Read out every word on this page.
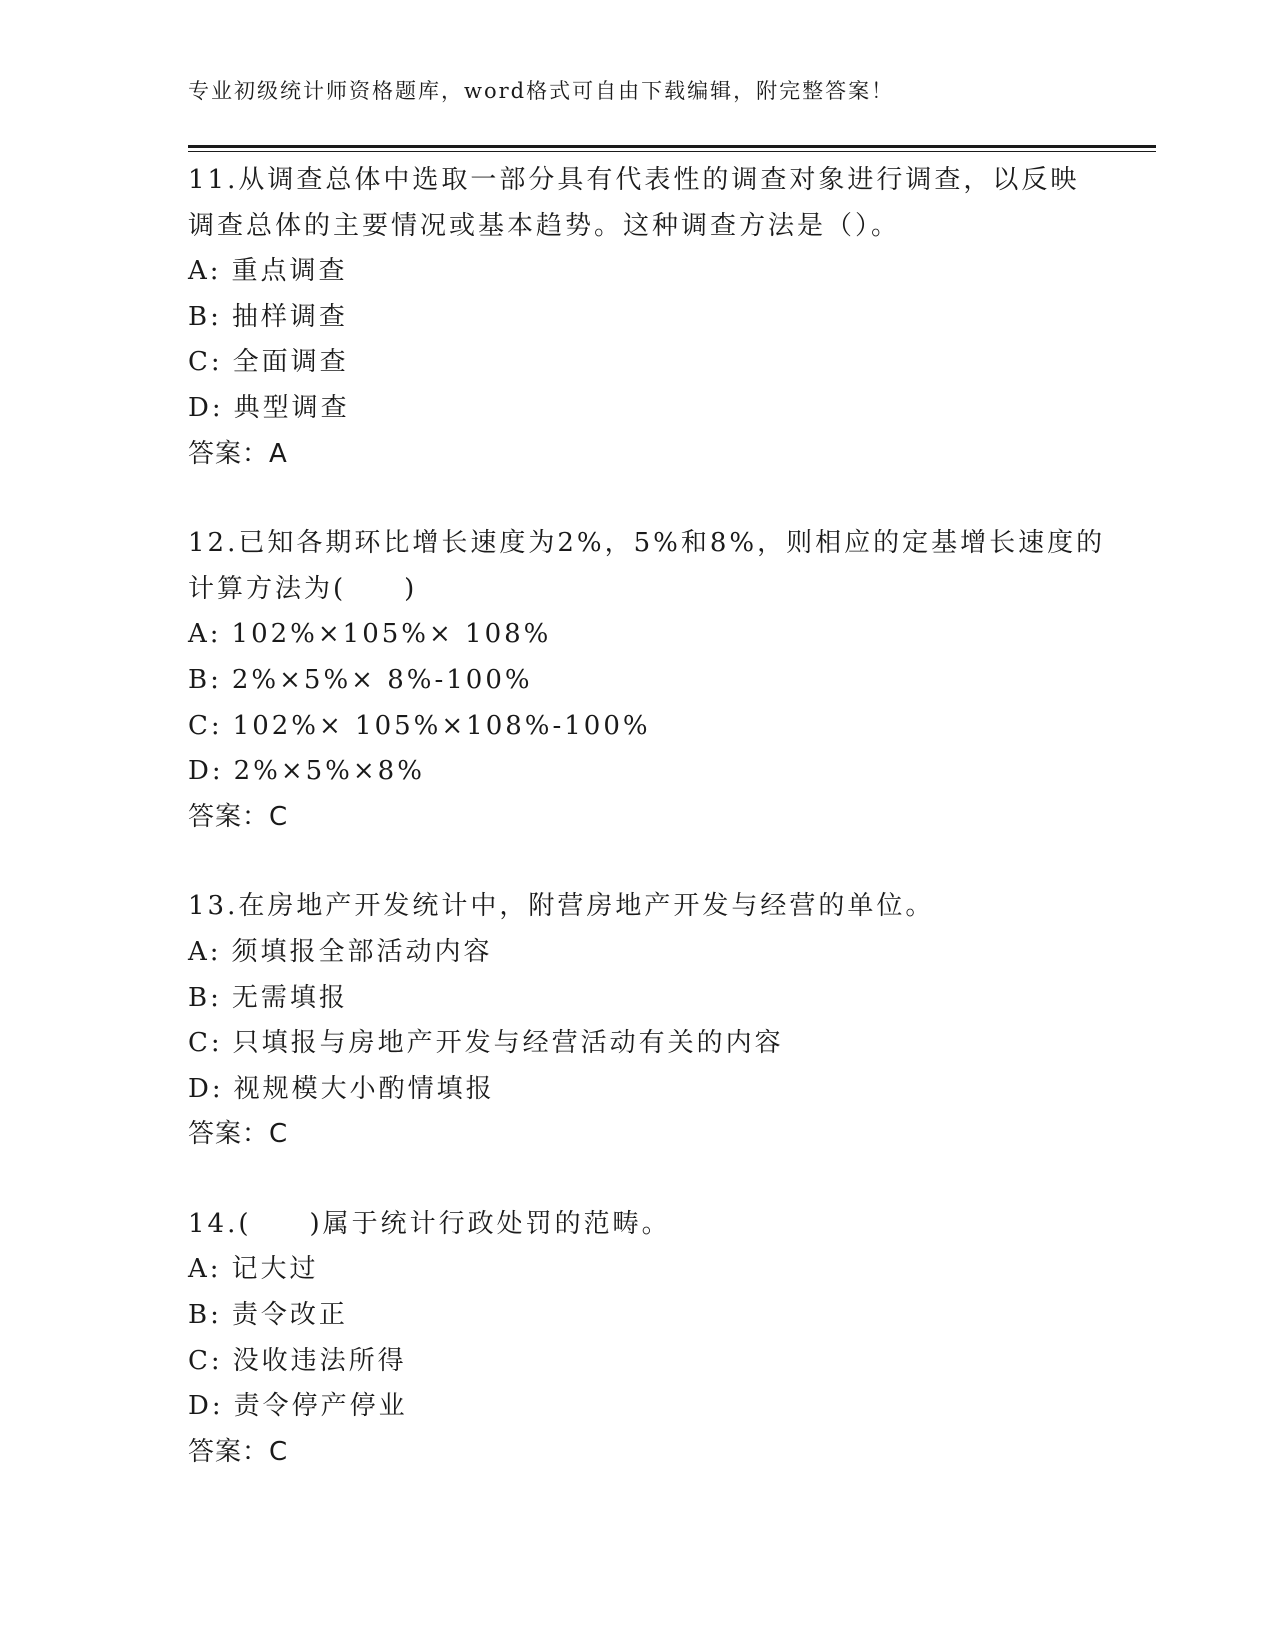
专业初级统计师资格题库，word格式可自由下载编辑，附完整答案！
11.从调查总体中选取一部分具有代表性的调查对象进行调查，以反映
调查总体的主要情况或基本趋势。这种调查方法是（）。
A: 重点调查
B: 抽样调查
C: 全面调查
D: 典型调查
答案：A
12.已知各期环比增长速度为2%，5%和8%，则相应的定基增长速度的
计算方法为(　　)
A: 102%×105%× 108%
B: 2%×5%× 8%-100%
C: 102%× 105%×108%-100%
D: 2%×5%×8%
答案：C
13.在房地产开发统计中，附营房地产开发与经营的单位。
A: 须填报全部活动内容
B: 无需填报
C: 只填报与房地产开发与经营活动有关的内容
D: 视规模大小酌情填报
答案：C
14.(　　)属于统计行政处罚的范畴。
A: 记大过
B: 责令改正
C: 没收违法所得
D: 责令停产停业
答案：C
